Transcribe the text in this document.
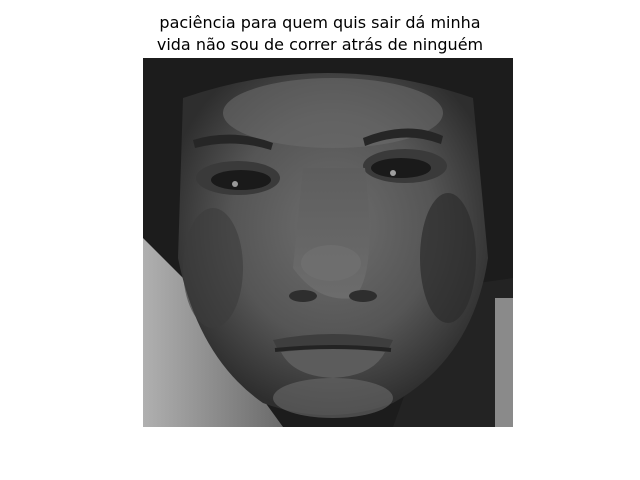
paciência para quem quis sair dá minha
vida não sou de correr atrás de ninguém
